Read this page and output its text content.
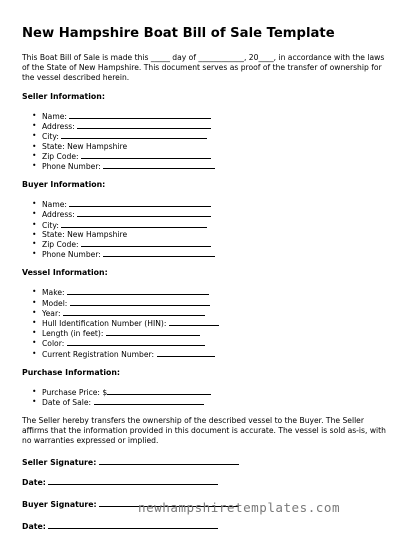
New Hampshire Boat Bill of Sale Template

This Boat Bill of Sale is made this _____ day of ____________, 20____, in accordance with the laws of the State of New Hampshire. This document serves as proof of the transfer of ownership for the vessel described herein.

Seller Information:
• Name:
• Address:
• City:
• State: New Hampshire
• Zip Code:
• Phone Number:
Buyer Information:
• Name:
• Address:
• City:
• State: New Hampshire
• Zip Code:
• Phone Number:
Vessel Information:
• Make:
• Model:
• Year:
• Hull Identification Number (HIN):
• Length (in feet):
• Color:
• Current Registration Number:
Purchase Information:
• Purchase Price: $
• Date of Sale:

The Seller hereby transfers the ownership of the described vessel to the Buyer. The Seller affirms that the information provided in this document is accurate. The vessel is sold as-is, with no warranties expressed or implied.

Seller Signature:
Date:
Buyer Signature:
Date:
newhampshiretemplates.com
